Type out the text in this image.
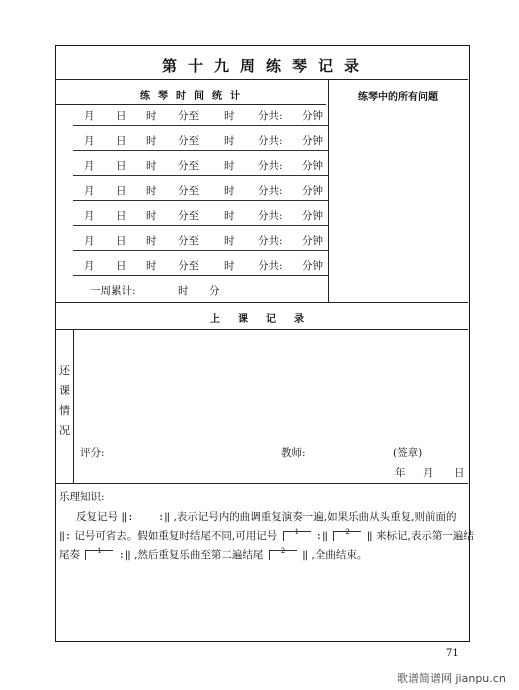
第十九周练琴记录
练琴时间统计	练琴中的所有问题
月 日 时 分至 时 分共: 分钟
月 日 时 分至 时 分共: 分钟
月 日 时 分至 时 分共: 分钟
月 日 时 分至 时 分共: 分钟
月 日 时 分至 时 分共: 分钟
月 日 时 分至 时 分共: 分钟
月 日 时 分至 时 分共: 分钟
一周累计:	时 分
上课记录
还
课
情
况
评分:	教师:	(签章)
年 月 日
乐理知识:
反复记号 ‖: :‖ ,表示记号内的曲调重复演奏一遍,如果乐曲从头重复,则前面的
‖: 记号可省去。假如重复时结尾不同,可用记号 1 :‖ 2 ‖ 来标记,表示第一遍结
尾奏 1 :‖ ,然后重复乐曲至第二遍结尾 2 ‖ ,全曲结束。
71
歌谱简谱网 jianpu.cn
